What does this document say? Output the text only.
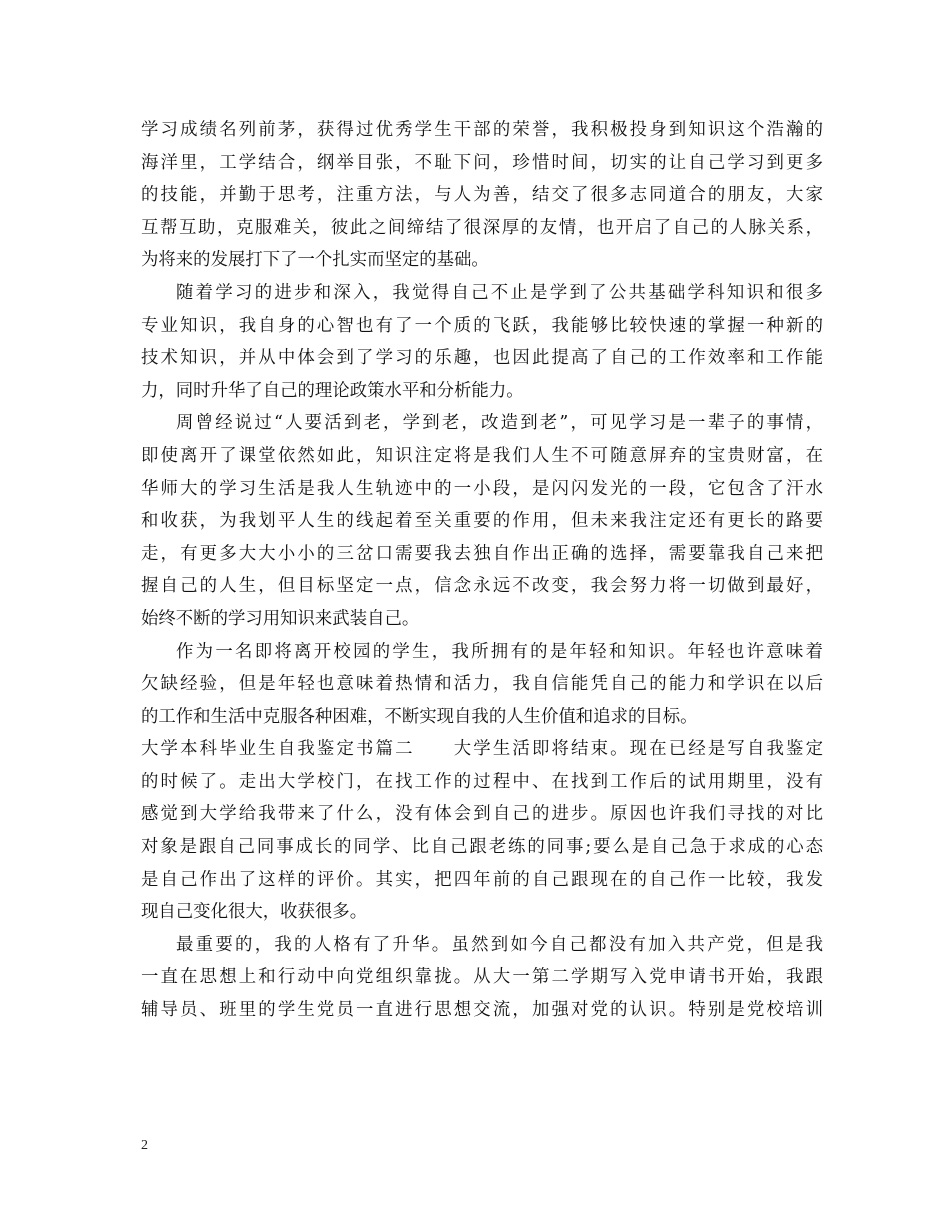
学习成绩名列前茅，获得过优秀学生干部的荣誉，我积极投身到知识这个浩瀚的
海洋里，工学结合，纲举目张，不耻下问，珍惜时间，切实的让自己学习到更多
的技能，并勤于思考，注重方法，与人为善，结交了很多志同道合的朋友，大家
互帮互助，克服难关，彼此之间缔结了很深厚的友情，也开启了自己的人脉关系，
为将来的发展打下了一个扎实而坚定的基础。
随着学习的进步和深入，我觉得自己不止是学到了公共基础学科知识和很多
专业知识，我自身的心智也有了一个质的飞跃，我能够比较快速的掌握一种新的
技术知识，并从中体会到了学习的乐趣，也因此提高了自己的工作效率和工作能
力，同时升华了自己的理论政策水平和分析能力。
周曾经说过“人要活到老，学到老，改造到老”，可见学习是一辈子的事情，
即使离开了课堂依然如此，知识注定将是我们人生不可随意屏弃的宝贵财富，在
华师大的学习生活是我人生轨迹中的一小段，是闪闪发光的一段，它包含了汗水
和收获，为我划平人生的线起着至关重要的作用，但未来我注定还有更长的路要
走，有更多大大小小的三岔口需要我去独自作出正确的选择，需要靠我自己来把
握自己的人生，但目标坚定一点，信念永远不改变，我会努力将一切做到最好，
始终不断的学习用知识来武装自己。
作为一名即将离开校园的学生，我所拥有的是年轻和知识。年轻也许意味着
欠缺经验，但是年轻也意味着热情和活力，我自信能凭自己的能力和学识在以后
的工作和生活中克服各种困难，不断实现自我的人生价值和追求的目标。
大学本科毕业生自我鉴定书篇二　　大学生活即将结束。现在已经是写自我鉴定
的时候了。走出大学校门，在找工作的过程中、在找到工作后的试用期里，没有
感觉到大学给我带来了什么，没有体会到自己的进步。原因也许我们寻找的对比
对象是跟自己同事成长的同学、比自己跟老练的同事;要么是自己急于求成的心态
是自己作出了这样的评价。其实，把四年前的自己跟现在的自己作一比较，我发
现自己变化很大，收获很多。
最重要的，我的人格有了升华。虽然到如今自己都没有加入共产党，但是我
一直在思想上和行动中向党组织靠拢。从大一第二学期写入党申请书开始，我跟
辅导员、班里的学生党员一直进行思想交流，加强对党的认识。特别是党校培训
2
